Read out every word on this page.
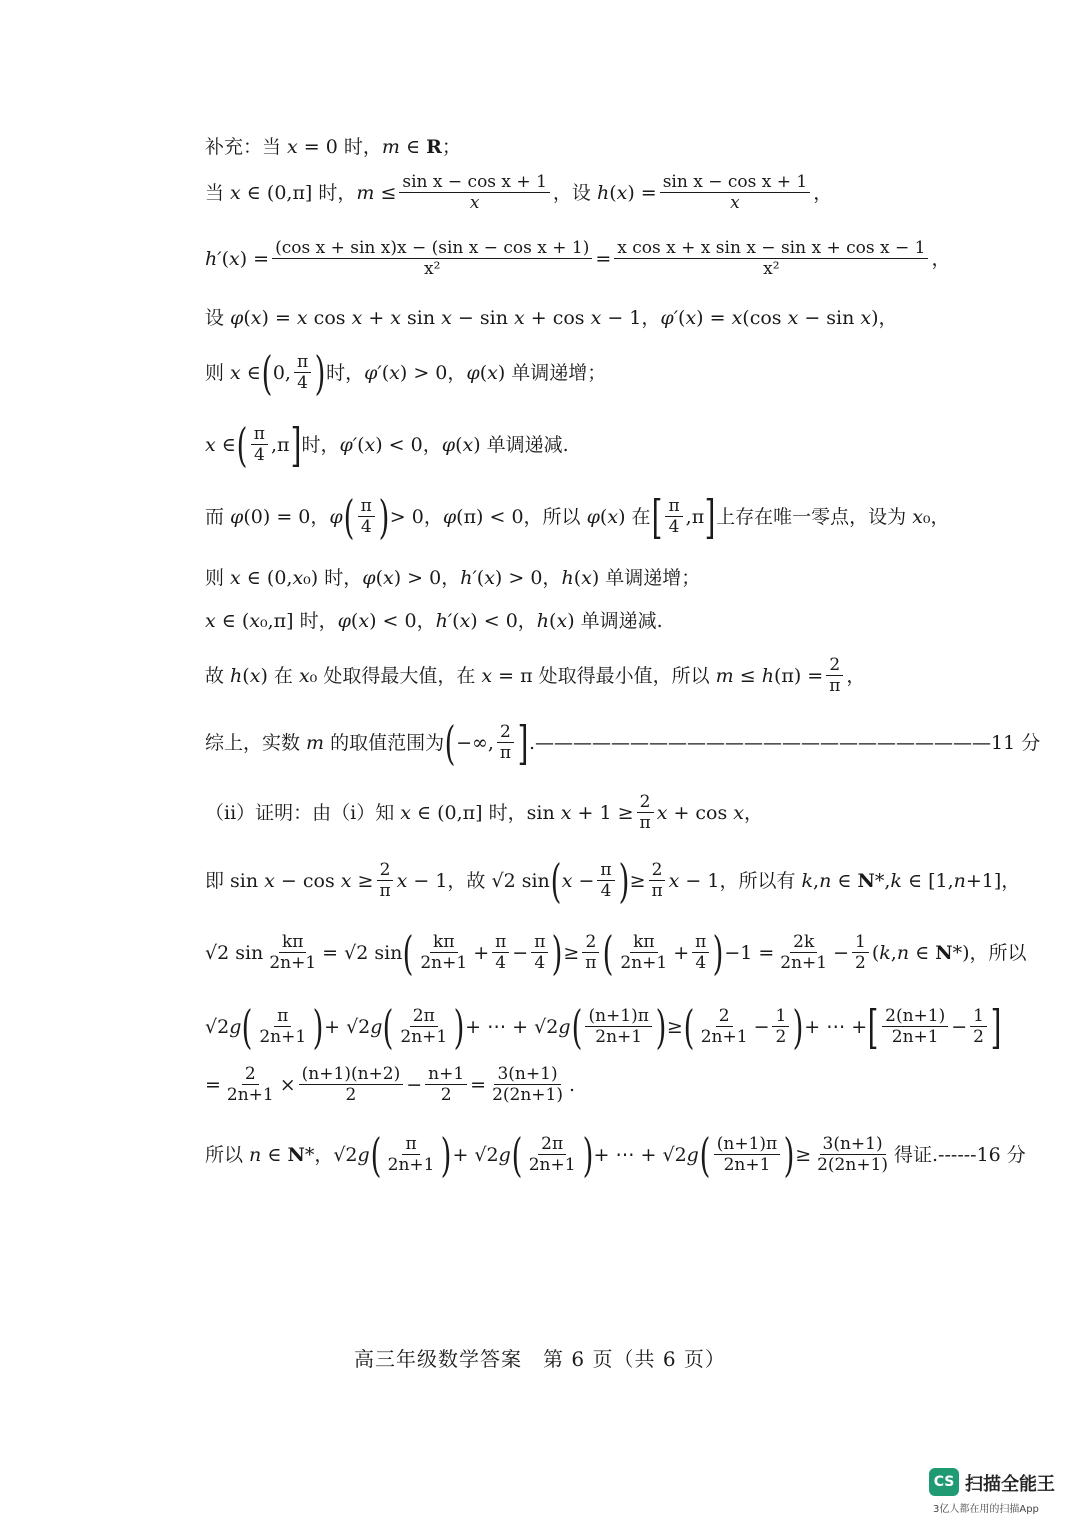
补充：当 x = 0 时，m ∈ R；
当 x ∈ (0,π] 时，$m \le \frac{\text{sin x − cos x + 1}}{x}$ ，设 $h(x) = \frac{\text{sin x − cos x + 1}}{x}$ ，
$h'(x) = \frac{\text{(cos x + sin x)x − (sin x − cos x + 1)}}{\text{x²}} = \frac{\text{x cos x + x sin x − sin x + cos x − 1}}{\text{x²}}$ ，
设 φ(x) = x cos x + x sin x − sin x + cos x − 1，φ′(x) = x(cos x − sin x)，
则 x ∈ ( 0, $\frac{\pi}{4}$ ) 时，φ′(x) > 0，φ(x) 单调递增；
x ∈ ( $\frac{\pi}{4} ,\pi$ ] 时，φ′(x) < 0，φ(x) 单调递减.
而 φ(0) = 0，φ ( $\frac{\pi}{4}$ ) > 0，φ(π) < 0，所以 φ(x) 在 [ $\frac{\pi}{4} ,\pi$ ] 上存在唯一零点，设为 x₀，
则 x ∈ (0,x₀) 时，φ(x) > 0，h′(x) > 0，h(x) 单调递增；
x ∈ (x₀,π] 时，φ(x) < 0，h′(x) < 0，h(x) 单调递减.
故 h(x) 在 x₀ 处取得最大值，在 x = π 处取得最小值，所以 $m \le h(\pi) = \frac{2}{\pi}$ ，
综上，实数 m 的取值范围为 ( −∞, $\frac{2}{\pi}$ ] .————————————————————————11 分
（ii）证明：由（i）知 x ∈ (0,π] 时，$\sin x + 1 \ge \frac{2}{\pi}$ x + cos x，
即 $\sin x - \cos x \ge \frac{2}{\pi}$ x − 1，故 √2 sin ( $x - \frac{\pi}{4}$ ) ≥ $\frac{2}{\pi}$ x − 1，所以有 k,n ∈ N*,k ∈ [1,n+1]，
√2 $\sin \frac{k\pi}{2n+1} = √2$ sin ( $\frac{k\pi}{2n+1} + \frac{\pi}{4} - \frac{\pi}{4}$ ) ≥ $\frac{2}{\pi}$ ( $\frac{k\pi}{2n+1} + \frac{\pi}{4}$ ) $-1 = \frac{2k}{2n+1} - \frac{1}{2} (k,n$ ∈ N*)，所以
√2g ( $\frac{\pi}{2n+1}$ ) + √2g ( $\frac{2\pi}{2n+1}$ ) + ⋯ + √2g ( $\frac{(n+1)\pi}{2n+1}$ ) ≥ ( $\frac{2}{2n+1} - \frac{1}{2}$ ) + ⋯ + [ $\frac{2(n+1)}{2n+1} - \frac{1}{2}$ ]
= $\frac{2}{2n+1} \times \frac{(n+1)(n+2)}{2} - \frac{n+1}{2} = \frac{3(n+1)}{2(2n+1)}$ .
所以 n ∈ N*，√2g ( $\frac{\pi}{2n+1}$ ) + √2g ( $\frac{2\pi}{2n+1}$ ) + ⋯ + √2g ( $\frac{(n+1)\pi}{2n+1}$ ) ≥ $\frac{3(n+1)}{2(2n+1)}$ 得证.------16 分
高三年级数学答案　第 6 页（共 6 页）
CS 扫描全能王
3亿人都在用的扫描App
